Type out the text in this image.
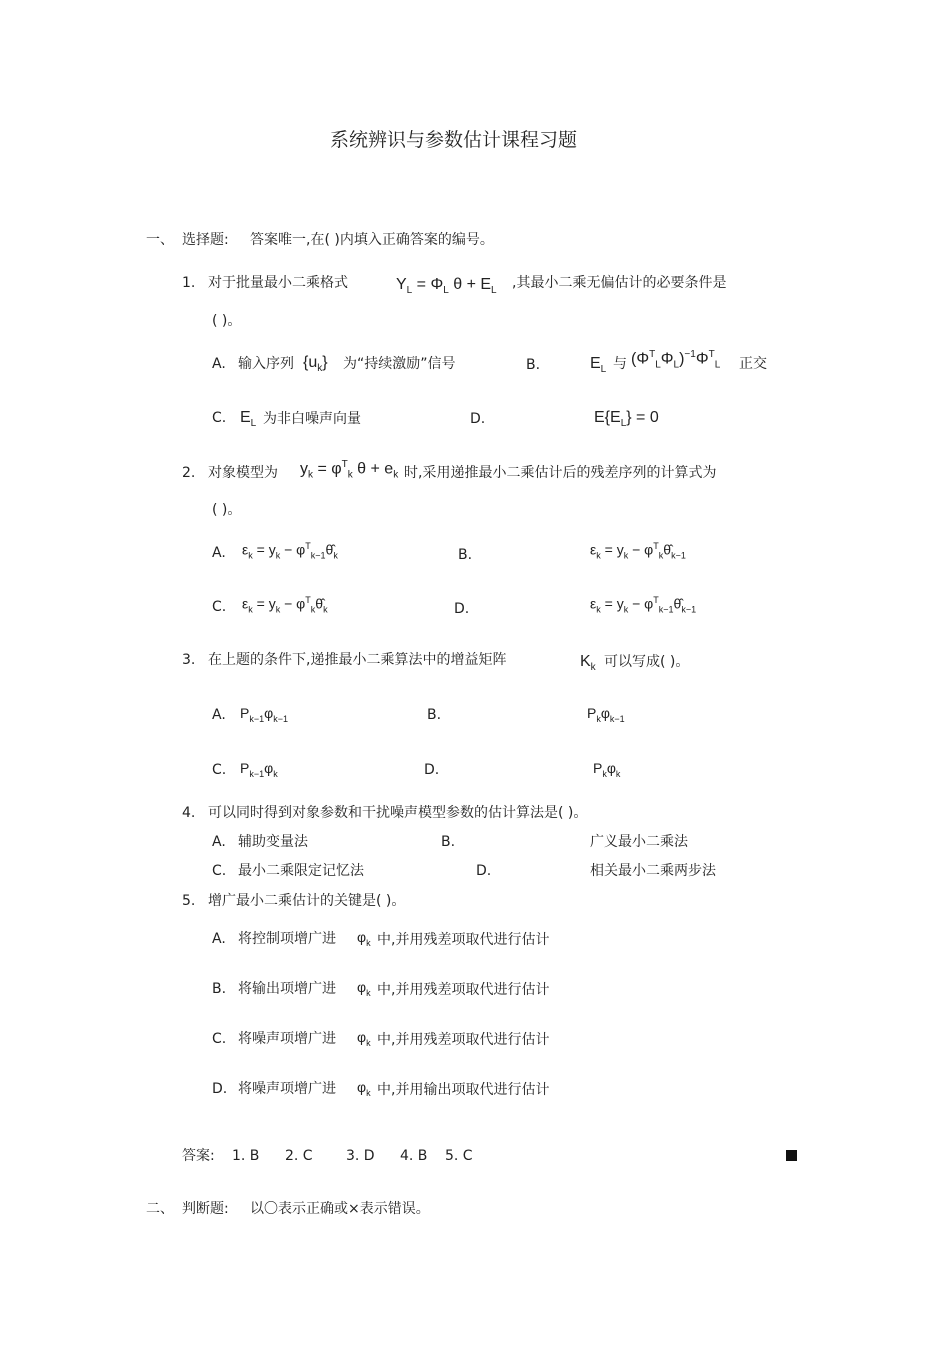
系统辨识与参数估计课程习题
一、 选择题: 答案唯一,在( )内填入正确答案的编号。
1. 对于批量最小二乘格式	$Y_L = \Phi_L$ $\theta + E_L$ ,其最小二乘无偏估计的必要条件是
( )。
A. 输入序列 $\{u_k\}$ 为“持续激励”信号	B.	$E_L$ 与 $(\Phi^T_L\Phi_L)^{-1}\Phi^T_L$ 正交
C. $E_L$ 为非白噪声向量	D.	$E\{E_L\} = 0$
2. 对象模型为 $y_k = \varphi^T_k$ $\theta + e_k$ 时,采用递推最小二乘估计后的残差序列的计算式为
( )。
A. $\varepsilon_k = y_k$ − $\varphi^T_{k-1}\thetâ_k$	B.	$\varepsilon_k = y_k$ − $\varphi^T_k\thetâ_{k-1}$
C. $\varepsilon_k = y_k$ − $\varphi^T_k\thetâ_k$	D.	$\varepsilon_k = y_k$ − $\varphi^T_{k-1}\thetâ_{k-1}$
3. 在上题的条件下,递推最小二乘算法中的增益矩阵	$K_k$ 可以写成( )。
A. $P_{k-1}\varphi_{k-1}$	B.	$P_k\varphi_{k-1}$
C. $P_{k-1}\varphi_k$	D.	$P_k\varphi_k$
4. 可以同时得到对象参数和干扰噪声模型参数的估计算法是( )。
A. 辅助变量法	B.	广义最小二乘法
C. 最小二乘限定记忆法	D.	相关最小二乘两步法
5. 增广最小二乘估计的关键是( )。
A. 将控制项增广进 $\varphi_k$ 中,并用残差项取代进行估计
B. 将输出项增广进 $\varphi_k$ 中,并用残差项取代进行估计
C. 将噪声项增广进 $\varphi_k$ 中,并用残差项取代进行估计
D. 将噪声项增广进 $\varphi_k$ 中,并用输出项取代进行估计
答案: 1. B 2. C 3. D 4. B 5. C
二、 判断题: 以〇表示正确或×表示错误。
